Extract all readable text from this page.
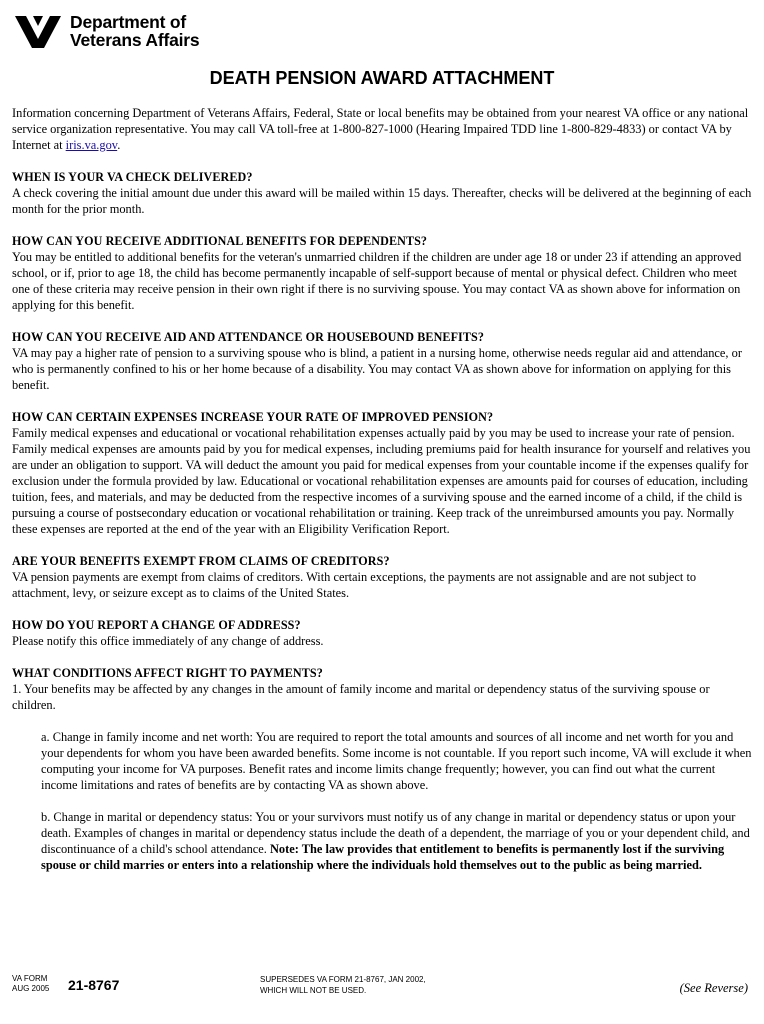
Department of
Veterans Affairs
DEATH PENSION AWARD ATTACHMENT

Information concerning Department of Veterans Affairs, Federal, State or local benefits may be obtained from your nearest VA office or any national service organization representative. You may call VA toll-free at 1-800-827-1000 (Hearing Impaired TDD line 1-800-829-4833) or contact VA by Internet at iris.va.gov.

WHEN IS YOUR VA CHECK DELIVERED?

A check covering the initial amount due under this award will be mailed within 15 days. Thereafter, checks will be delivered at the beginning of each month for the prior month.

HOW CAN YOU RECEIVE ADDITIONAL BENEFITS FOR DEPENDENTS?

You may be entitled to additional benefits for the veteran's unmarried children if the children are under age 18 or under 23 if attending an approved school, or if, prior to age 18, the child has become permanently incapable of self-support because of mental or physical defect. Children who meet one of these criteria may receive pension in their own right if there is no surviving spouse. You may contact VA as shown above for information on applying for this benefit.

HOW CAN YOU RECEIVE AID AND ATTENDANCE OR HOUSEBOUND BENEFITS?

VA may pay a higher rate of pension to a surviving spouse who is blind, a patient in a nursing home, otherwise needs regular aid and attendance, or who is permanently confined to his or her home because of a disability. You may contact VA as shown above for information on applying for this benefit.

HOW CAN CERTAIN EXPENSES INCREASE YOUR RATE OF IMPROVED PENSION?

Family medical expenses and educational or vocational rehabilitation expenses actually paid by you may be used to increase your rate of pension. Family medical expenses are amounts paid by you for medical expenses, including premiums paid for health insurance for yourself and relatives you are under an obligation to support. VA will deduct the amount you paid for medical expenses from your countable income if the expenses qualify for exclusion under the formula provided by law. Educational or vocational rehabilitation expenses are amounts paid for courses of education, including tuition, fees, and materials, and may be deducted from the respective incomes of a surviving spouse and the earned income of a child, if the child is pursuing a course of postsecondary education or vocational rehabilitation or training. Keep track of the unreimbursed amounts you pay. Normally these expenses are reported at the end of the year with an Eligibility Verification Report.

ARE YOUR BENEFITS EXEMPT FROM CLAIMS OF CREDITORS?

VA pension payments are exempt from claims of creditors. With certain exceptions, the payments are not assignable and are not subject to attachment, levy, or seizure except as to claims of the United States.

HOW DO YOU REPORT A CHANGE OF ADDRESS?

Please notify this office immediately of any change of address.

WHAT CONDITIONS AFFECT RIGHT TO PAYMENTS?

1. Your benefits may be affected by any changes in the amount of family income and marital or dependency status of the surviving spouse or children.

a. Change in family income and net worth: You are required to report the total amounts and sources of all income and net worth for you and your dependents for whom you have been awarded benefits. Some income is not countable. If you report such income, VA will exclude it when computing your income for VA purposes. Benefit rates and income limits change frequently; however, you can find out what the current income limitations and rates of benefits are by contacting VA as shown above.

b. Change in marital or dependency status: You or your survivors must notify us of any change in marital or dependency status or upon your death. Examples of changes in marital or dependency status include the death of a dependent, the marriage of you or your dependent child, and discontinuance of a child's school attendance. Note: The law provides that entitlement to benefits is permanently lost if the surviving spouse or child marries or enters into a relationship where the individuals hold themselves out to the public as being married.

VA FORM
AUG 2005 21-8767	SUPERSEDES VA FORM 21-8767, JAN 2002,
WHICH WILL NOT BE USED.	(See Reverse)
